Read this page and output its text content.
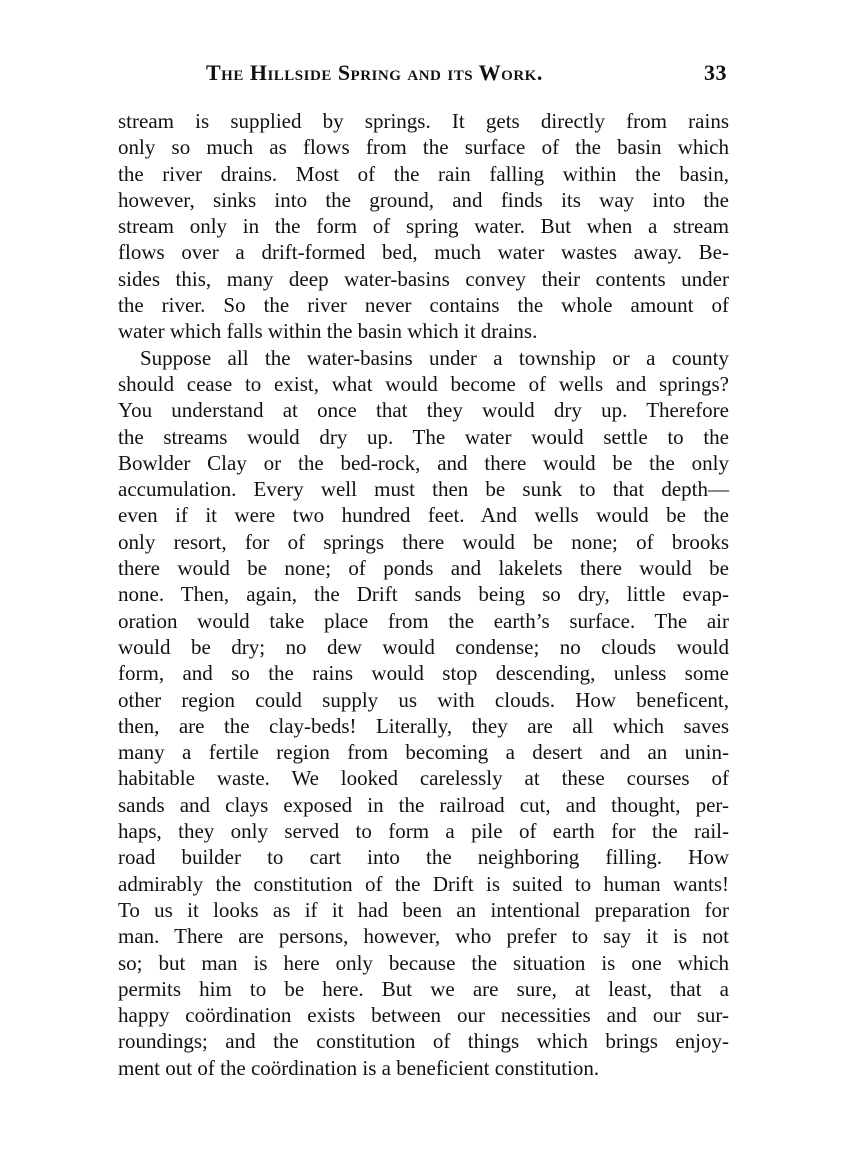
The Hillside Spring and its Work.	33
stream is supplied by springs. It gets directly from rains
only so much as flows from the surface of the basin which
the river drains. Most of the rain falling within the basin,
however, sinks into the ground, and finds its way into the
stream only in the form of spring water. But when a stream
flows over a drift-formed bed, much water wastes away. Be-
sides this, many deep water-basins convey their contents under
the river. So the river never contains the whole amount of
water which falls within the basin which it drains.
Suppose all the water-basins under a township or a county
should cease to exist, what would become of wells and springs?
You understand at once that they would dry up. Therefore
the streams would dry up. The water would settle to the
Bowlder Clay or the bed-rock, and there would be the only
accumulation. Every well must then be sunk to that depth—
even if it were two hundred feet. And wells would be the
only resort, for of springs there would be none; of brooks
there would be none; of ponds and lakelets there would be
none. Then, again, the Drift sands being so dry, little evap-
oration would take place from the earth’s surface. The air
would be dry; no dew would condense; no clouds would
form, and so the rains would stop descending, unless some
other region could supply us with clouds. How beneficent,
then, are the clay-beds! Literally, they are all which saves
many a fertile region from becoming a desert and an unin-
habitable waste. We looked carelessly at these courses of
sands and clays exposed in the railroad cut, and thought, per-
haps, they only served to form a pile of earth for the rail-
road builder to cart into the neighboring filling. How
admirably the constitution of the Drift is suited to human wants!
To us it looks as if it had been an intentional preparation for
man. There are persons, however, who prefer to say it is not
so; but man is here only because the situation is one which
permits him to be here. But we are sure, at least, that a
happy coördination exists between our necessities and our sur-
roundings; and the constitution of things which brings enjoy-
ment out of the coördination is a beneficient constitution.
